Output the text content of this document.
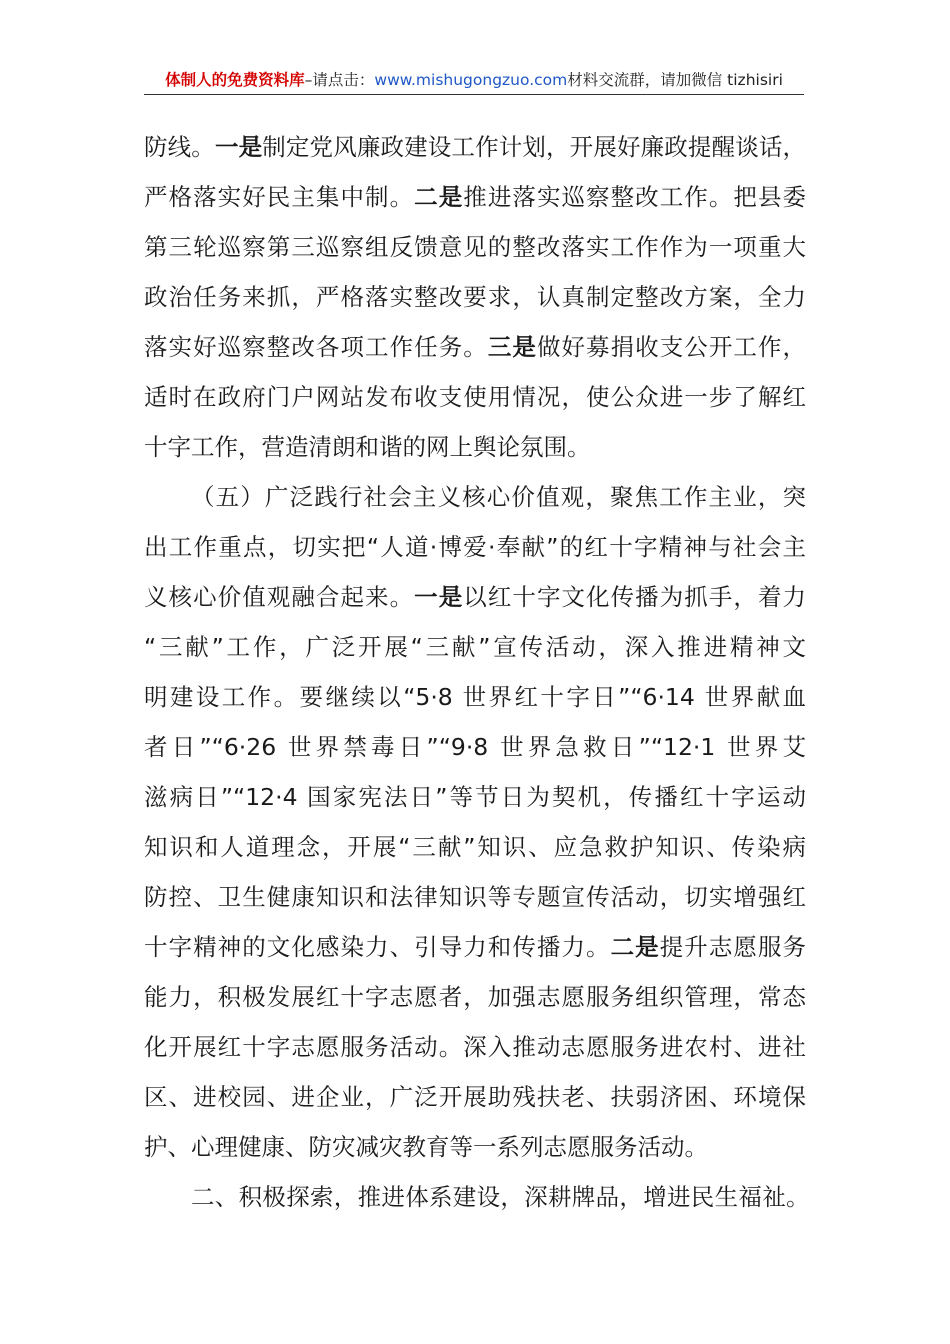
体制人的免费资料库–请点击：www.mishugongzuo.com材料交流群，请加微信 tizhisiri
防线。一是制定党风廉政建设工作计划，开展好廉政提醒谈话，
严格落实好民主集中制。二是推进落实巡察整改工作。把县委
第三轮巡察第三巡察组反馈意见的整改落实工作作为一项重大
政治任务来抓，严格落实整改要求，认真制定整改方案，全力
落实好巡察整改各项工作任务。三是做好募捐收支公开工作，
适时在政府门户网站发布收支使用情况，使公众进一步了解红
十字工作，营造清朗和谐的网上舆论氛围。
（五）广泛践行社会主义核心价值观，聚焦工作主业，突
出工作重点，切实把“人道·博爱·奉献”的红十字精神与社会主
义核心价值观融合起来。一是以红十字文化传播为抓手，着力
“三献”工作，广泛开展“三献”宣传活动，深入推进精神文
明建设工作。要继续以“5·8 世界红十字日”“6·14 世界献血
者日”“6·26 世界禁毒日”“9·8 世界急救日”“12·1 世界艾
滋病日”“12·4 国家宪法日”等节日为契机，传播红十字运动
知识和人道理念，开展“三献”知识、应急救护知识、传染病
防控、卫生健康知识和法律知识等专题宣传活动，切实增强红
十字精神的文化感染力、引导力和传播力。二是提升志愿服务
能力，积极发展红十字志愿者，加强志愿服务组织管理，常态
化开展红十字志愿服务活动。深入推动志愿服务进农村、进社
区、进校园、进企业，广泛开展助残扶老、扶弱济困、环境保
护、心理健康、防灾减灾教育等一系列志愿服务活动。
二、积极探索，推进体系建设，深耕牌品，增进民生福祉。
